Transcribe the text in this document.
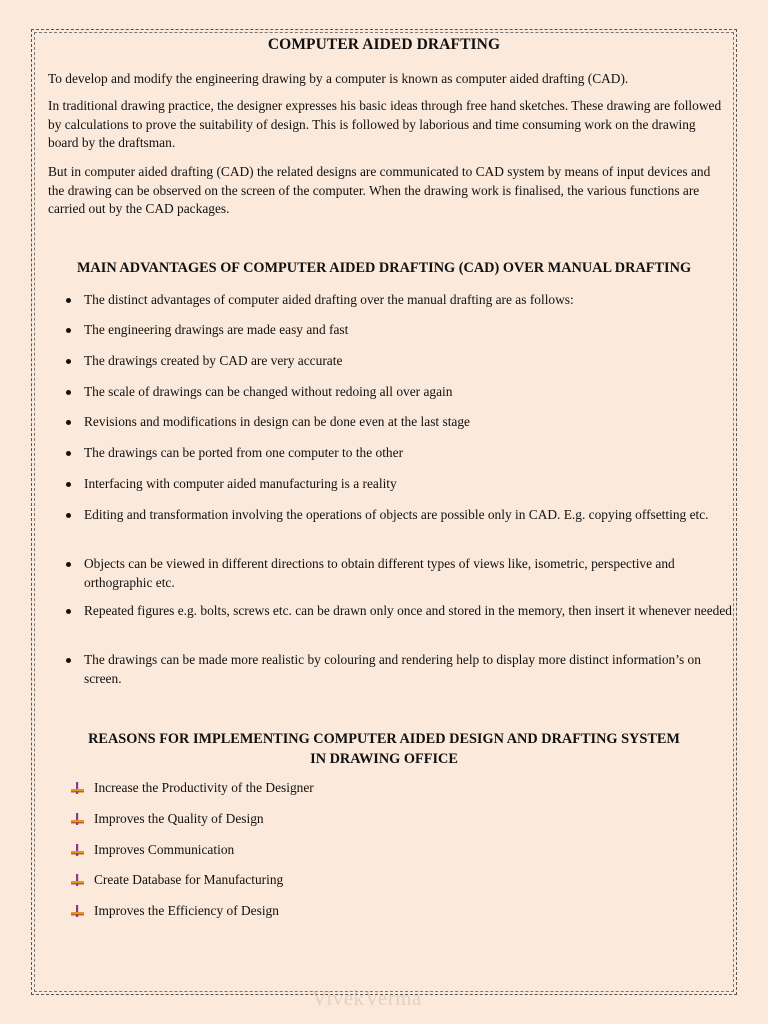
COMPUTER AIDED DRAFTING

To develop and modify the engineering drawing by a computer is known as computer aided drafting (CAD).

In traditional drawing practice, the designer expresses his basic ideas through free hand sketches. These drawing are followed by calculations to prove the suitability of design. This is followed by laborious and time consuming work on the drawing board by the draftsman.

But in computer aided drafting (CAD) the related designs are communicated to CAD system by means of input devices and the drawing can be observed on the screen of the computer. When the drawing work is finalised, the various functions are carried out by the CAD packages.

MAIN ADVANTAGES OF COMPUTER AIDED DRAFTING (CAD) OVER MANUAL DRAFTING
The distinct advantages of computer aided drafting over the manual drafting are as follows:
The engineering drawings are made easy and fast
The drawings created by CAD are very accurate
The scale of drawings can be changed without redoing all over again
Revisions and modifications in design can be done even at the last stage
The drawings can be ported from one computer to the other
Interfacing with computer aided manufacturing is a reality
Editing and transformation involving the operations of objects are possible only in CAD. E.g. copying offsetting etc.
Objects can be viewed in different directions to obtain different types of views like, isometric, perspective and orthographic etc.
Repeated figures e.g. bolts, screws etc. can be drawn only once and stored in the memory, then insert it whenever needed
The drawings can be made more realistic by colouring and rendering help to display more distinct information’s on screen.
REASONS FOR IMPLEMENTING COMPUTER AIDED DESIGN AND DRAFTING SYSTEM
IN DRAWING OFFICE
Increase the Productivity of the Designer
Improves the Quality of Design
Improves Communication
Create Database for Manufacturing
Improves the Efficiency of Design
VivekVerma
